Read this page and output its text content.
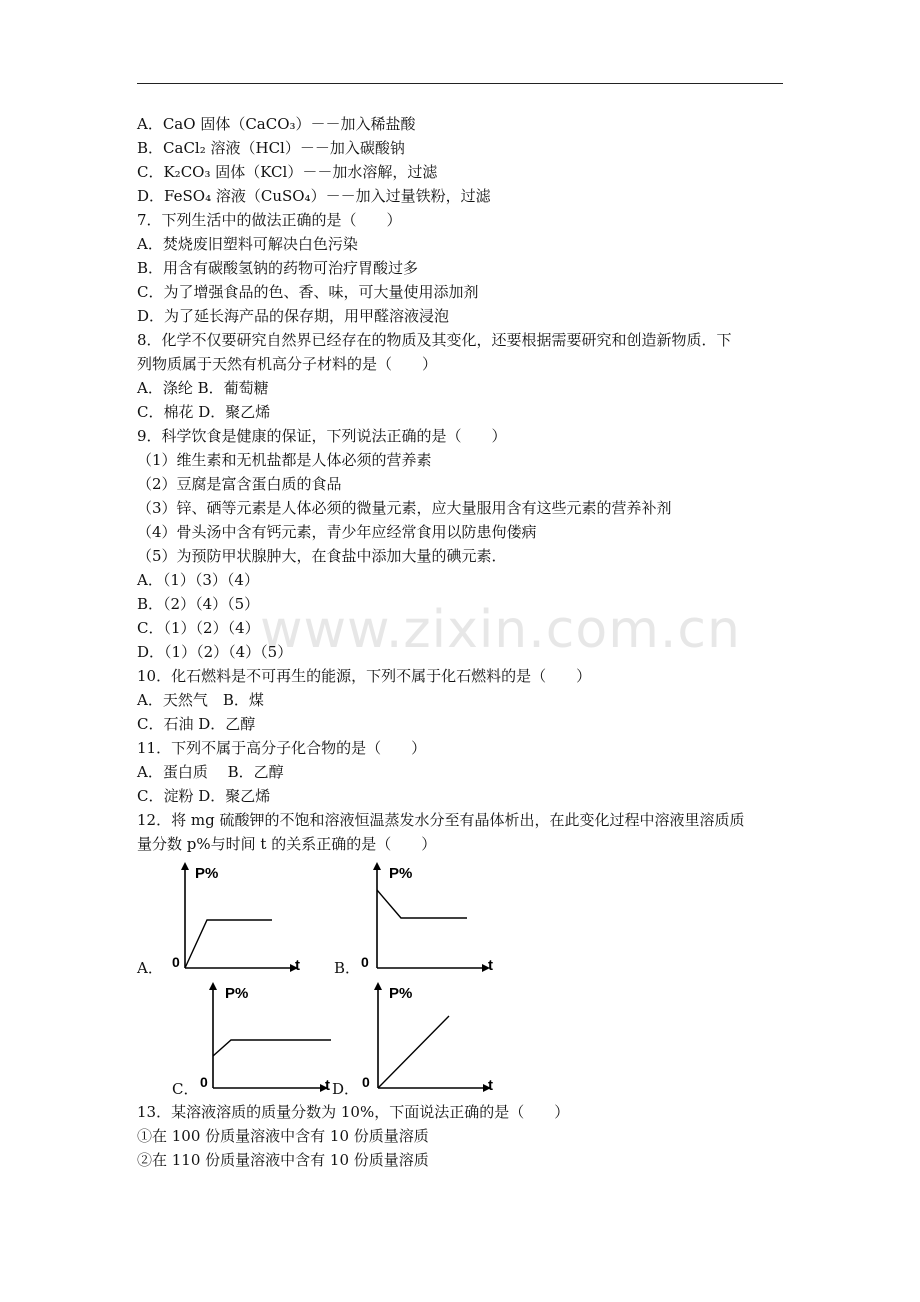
www.zixin.com.cn
A．CaO 固体（CaCO₃）－－加入稀盐酸
B．CaCl₂ 溶液（HCl）－－加入碳酸钠
C．K₂CO₃ 固体（KCl）－－加水溶解，过滤
D．FeSO₄ 溶液（CuSO₄）－－加入过量铁粉，过滤
7．下列生活中的做法正确的是（　　）
A．焚烧废旧塑料可解决白色污染
B．用含有碳酸氢钠的药物可治疗胃酸过多
C．为了增强食品的色、香、味，可大量使用添加剂
D．为了延长海产品的保存期，用甲醛溶液浸泡
8．化学不仅要研究自然界已经存在的物质及其变化，还要根据需要研究和创造新物质．下
列物质属于天然有机高分子材料的是（　　）
A．涤纶 B．葡萄糖
C．棉花 D．聚乙烯
9．科学饮食是健康的保证，下列说法正确的是（　　）
（1）维生素和无机盐都是人体必须的营养素
（2）豆腐是富含蛋白质的食品
（3）锌、硒等元素是人体必须的微量元素，应大量服用含有这些元素的营养补剂
（4）骨头汤中含有钙元素，青少年应经常食用以防患佝偻病
（5）为预防甲状腺肿大，在食盐中添加大量的碘元素．
A．（1）（3）（4）
B．（2）（4）（5）
C．（1）（2）（4）
D．（1）（2）（4）（5）
10．化石燃料是不可再生的能源，下列不属于化石燃料的是（　　）
A．天然气　B．煤
C．石油 D．乙醇
11．下列不属于高分子化合物的是（　　）
A．蛋白质　 B．乙醇
C．淀粉 D．聚乙烯
12．将 mg 硫酸钾的不饱和溶液恒温蒸发水分至有晶体析出，在此变化过程中溶液里溶质质
量分数 p%与时间 t 的关系正确的是（　　）
A．
P%
t
0	B．
P%
t
0
C．
P%
t
0	D．
P%
t
0
13．某溶液溶质的质量分数为 10%，下面说法正确的是（　　）
①在 100 份质量溶液中含有 10 份质量溶质
②在 110 份质量溶液中含有 10 份质量溶质
